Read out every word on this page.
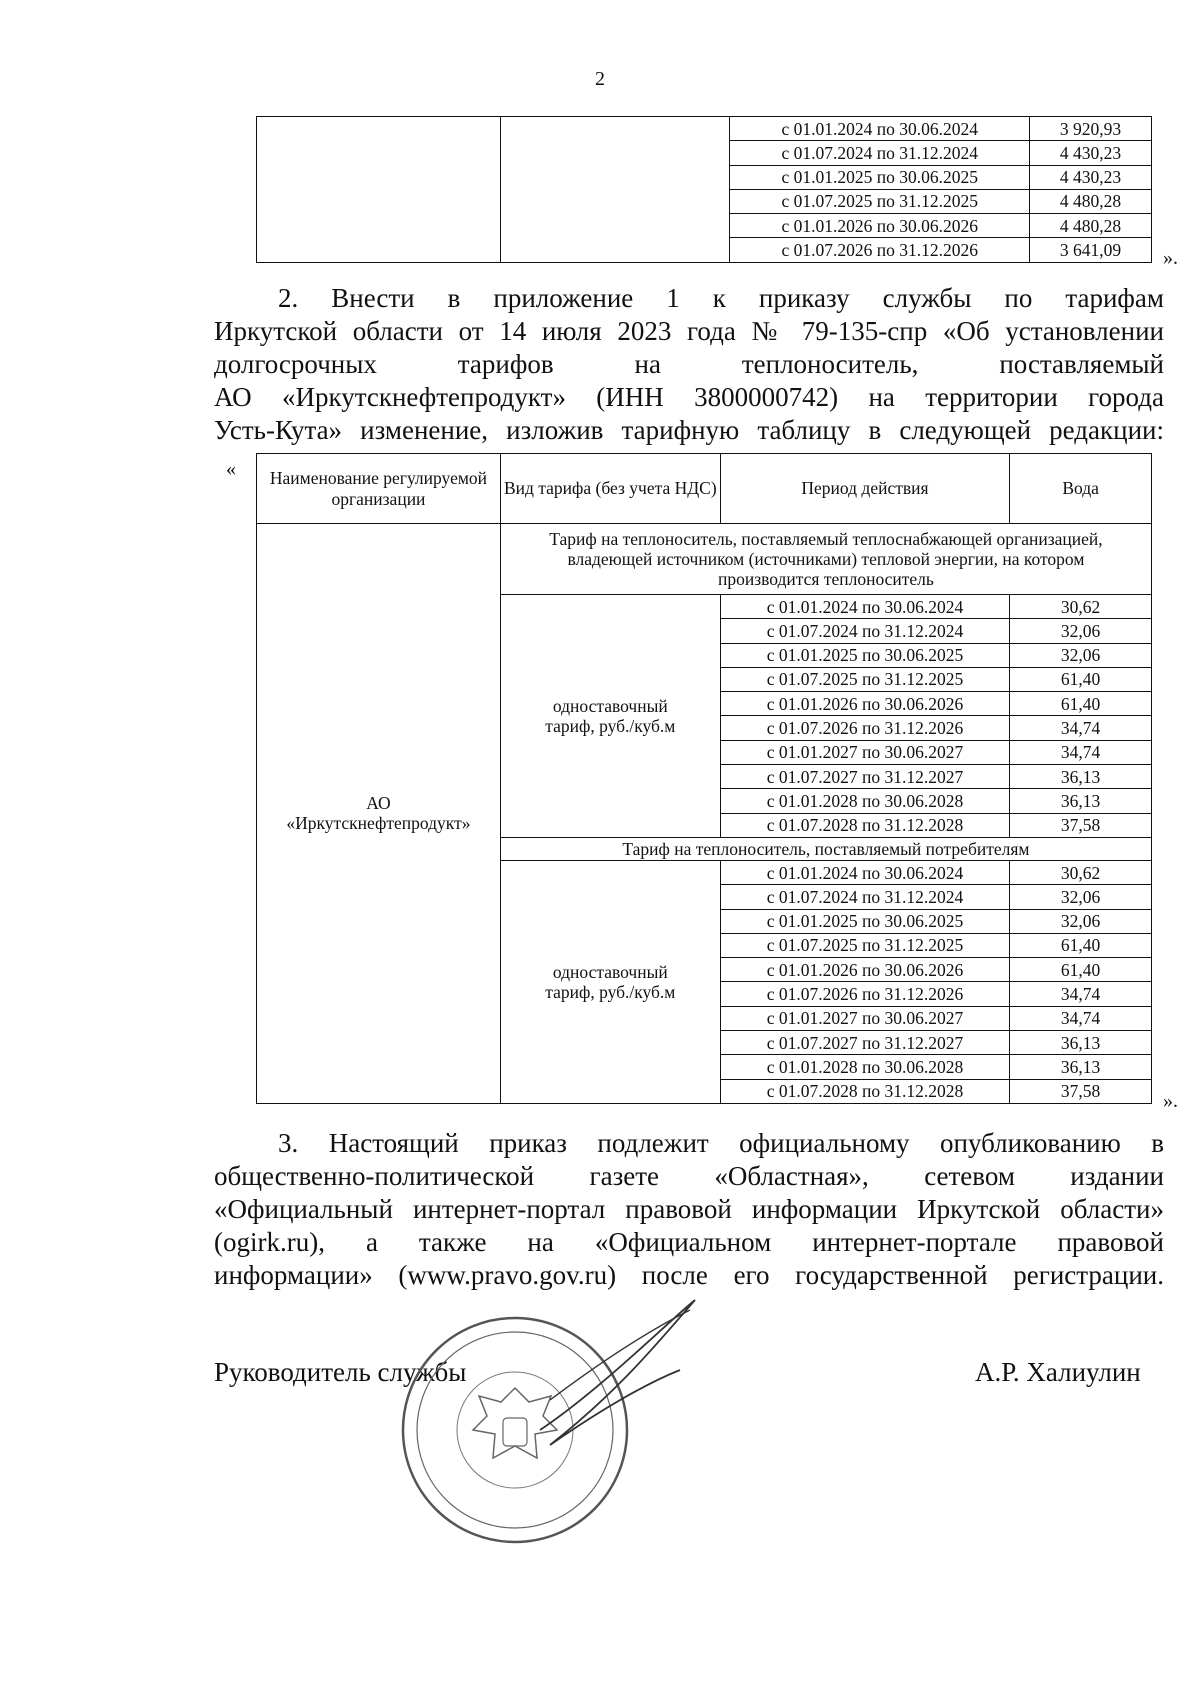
2
		с 01.01.2024 по 30.06.2024	3 920,93
		с 01.07.2024 по 31.12.2024	4 430,23
		с 01.01.2025 по 30.06.2025	4 430,23
		с 01.07.2025 по 31.12.2025	4 480,28
		с 01.01.2026 по 30.06.2026	4 480,28
		с 01.07.2026 по 31.12.2026	3 641,09 ».
2. Внести в приложение 1 к приказу службы по тарифам
Иркутской области от 14 июля 2023 года № 79-135-спр «Об установлении
долгосрочных тарифов на теплоноситель, поставляемый
АО «Иркутскнефтепродукт» (ИНН 3800000742) на территории города
Усть-Кута» изменение, изложив тарифную таблицу в следующей редакции:
« Наименование регулируемой организации	Вид тарифа (без учета НДС)	Период действия	Вода
АО «Иркутскнефтепродукт»	Тариф на теплоноситель, поставляемый теплоснабжающей организацией, владеющей источником (источниками) тепловой энергии, на котором производится теплоноситель		
	одноставочный тариф, руб./куб.м	с 01.01.2024 по 30.06.2024	30,62
		с 01.07.2024 по 31.12.2024	32,06
		с 01.01.2025 по 30.06.2025	32,06
		с 01.07.2025 по 31.12.2025	61,40
		с 01.01.2026 по 30.06.2026	61,40
		с 01.07.2026 по 31.12.2026	34,74
		с 01.01.2027 по 30.06.2027	34,74
		с 01.07.2027 по 31.12.2027	36,13
		с 01.01.2028 по 30.06.2028	36,13
		с 01.07.2028 по 31.12.2028	37,58
	Тариф на теплоноситель, поставляемый потребителям		
	одноставочный тариф, руб./куб.м	с 01.01.2024 по 30.06.2024	30,62
		с 01.07.2024 по 31.12.2024	32,06
		с 01.01.2025 по 30.06.2025	32,06
		с 01.07.2025 по 31.12.2025	61,40
		с 01.01.2026 по 30.06.2026	61,40
		с 01.07.2026 по 31.12.2026	34,74
		с 01.01.2027 по 30.06.2027	34,74
		с 01.07.2027 по 31.12.2027	36,13
		с 01.01.2028 по 30.06.2028	36,13
		с 01.07.2028 по 31.12.2028	37,58	».
3. Настоящий приказ подлежит официальному опубликованию в
общественно-политической газете «Областная», сетевом издании
«Официальный интернет-портал правовой информации Иркутской области»
(ogirk.ru), а также на «Официальном интернет-портале правовой
информации» (www.pravo.gov.ru) после его государственной регистрации.
Руководитель службы	А.Р. Халиулин
